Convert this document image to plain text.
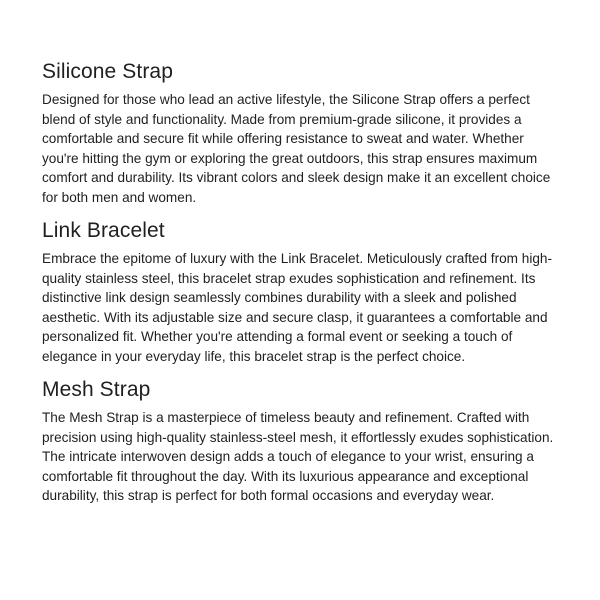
Silicone Strap

Designed for those who lead an active lifestyle, the Silicone Strap offers a perfect blend of style and functionality. Made from premium-grade silicone, it provides a comfortable and secure fit while offering resistance to sweat and water. Whether you're hitting the gym or exploring the great outdoors, this strap ensures maximum comfort and durability. Its vibrant colors and sleek design make it an excellent choice for both men and women.

Link Bracelet

Embrace the epitome of luxury with the Link Bracelet. Meticulously crafted from high-quality stainless steel, this bracelet strap exudes sophistication and refinement. Its distinctive link design seamlessly combines durability with a sleek and polished aesthetic. With its adjustable size and secure clasp, it guarantees a comfortable and personalized fit. Whether you're attending a formal event or seeking a touch of elegance in your everyday life, this bracelet strap is the perfect choice.

Mesh Strap

The Mesh Strap is a masterpiece of timeless beauty and refinement. Crafted with precision using high-quality stainless-steel mesh, it effortlessly exudes sophistication. The intricate interwoven design adds a touch of elegance to your wrist, ensuring a comfortable fit throughout the day. With its luxurious appearance and exceptional durability, this strap is perfect for both formal occasions and everyday wear.
